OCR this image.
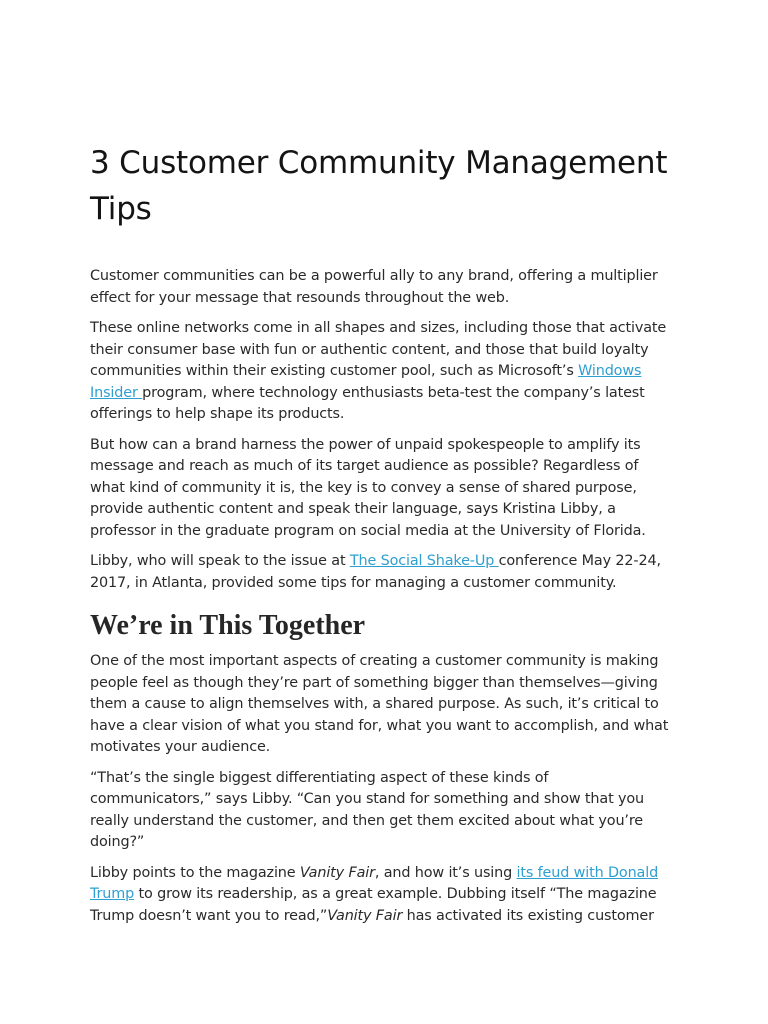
3 Customer Community Management Tips

Customer communities can be a powerful ally to any brand, offering a multiplier effect for your message that resounds throughout the web.

These online networks come in all shapes and sizes, including those that activate their consumer base with fun or authentic content, and those that build loyalty communities within their existing customer pool, such as Microsoft’s Windows Insider program, where technology enthusiasts beta-test the company’s latest offerings to help shape its products.

But how can a brand harness the power of unpaid spokespeople to amplify its message and reach as much of its target audience as possible? Regardless of what kind of community it is, the key is to convey a sense of shared purpose, provide authentic content and speak their language, says Kristina Libby, a professor in the graduate program on social media at the University of Florida.

Libby, who will speak to the issue at The Social Shake-Up conference May 22-24, 2017, in Atlanta, provided some tips for managing a customer community.

We’re in This Together

One of the most important aspects of creating a customer community is making people feel as though they’re part of something bigger than themselves—giving them a cause to align themselves with, a shared purpose. As such, it’s critical to have a clear vision of what you stand for, what you want to accomplish, and what motivates your audience.

“That’s the single biggest differentiating aspect of these kinds of communicators,” says Libby. “Can you stand for something and show that you really understand the customer, and then get them excited about what you’re doing?”

Libby points to the magazine Vanity Fair, and how it’s using its feud with Donald Trump to grow its readership, as a great example. Dubbing itself “The magazine Trump doesn’t want you to read,”Vanity Fair has activated its existing customer
